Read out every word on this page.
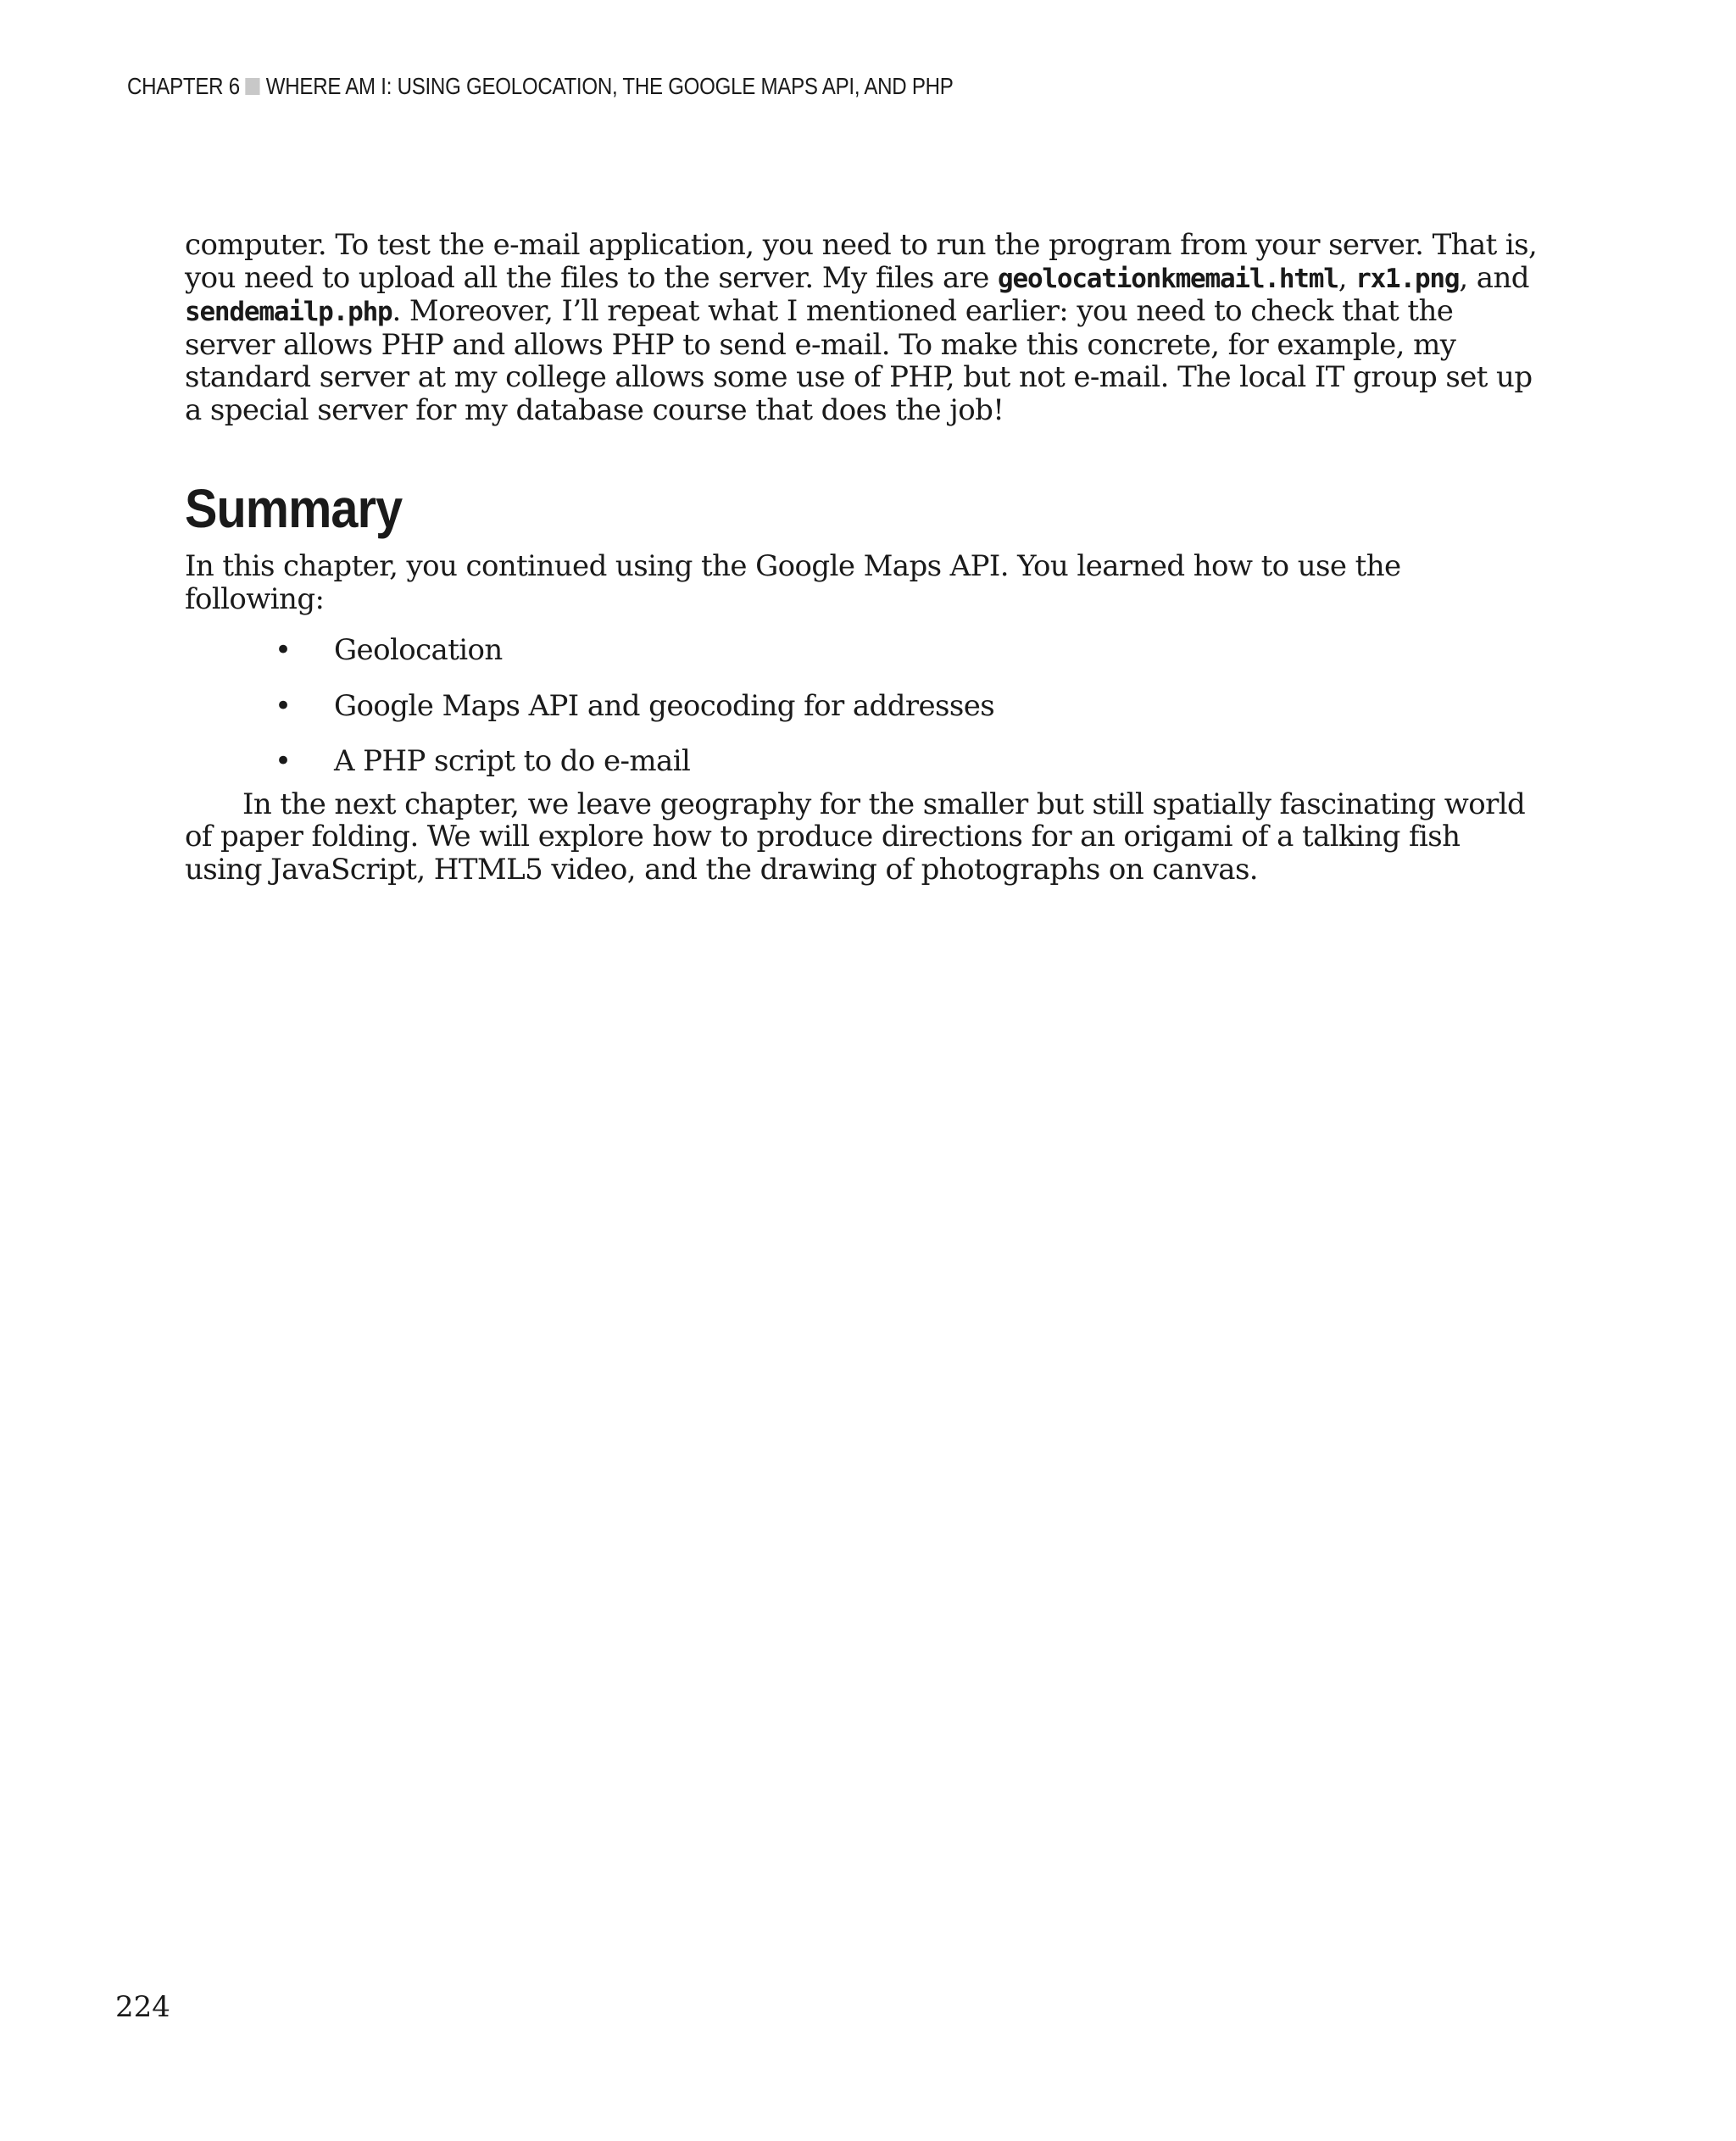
CHAPTER 6 WHERE AM I: USING GEOLOCATION, THE GOOGLE MAPS API, AND PHP

computer. To test the e-mail application, you need to run the program from your server. That is, you need to upload all the files to the server. My files are geolocationkmemail.html, rx1.png, and sendemailp.php. Moreover, I’ll repeat what I mentioned earlier: you need to check that the server allows PHP and allows PHP to send e-mail. To make this concrete, for example, my standard server at my college allows some use of PHP, but not e-mail. The local IT group set up a special server for my database course that does the job!

Summary

In this chapter, you continued using the Google Maps API. You learned how to use the following:

• Geolocation
• Google Maps API and geocoding for addresses
• A PHP script to do e-mail

In the next chapter, we leave geography for the smaller but still spatially fascinating world of paper folding. We will explore how to produce directions for an origami of a talking fish using JavaScript, HTML5 video, and the drawing of photographs on canvas.

224
